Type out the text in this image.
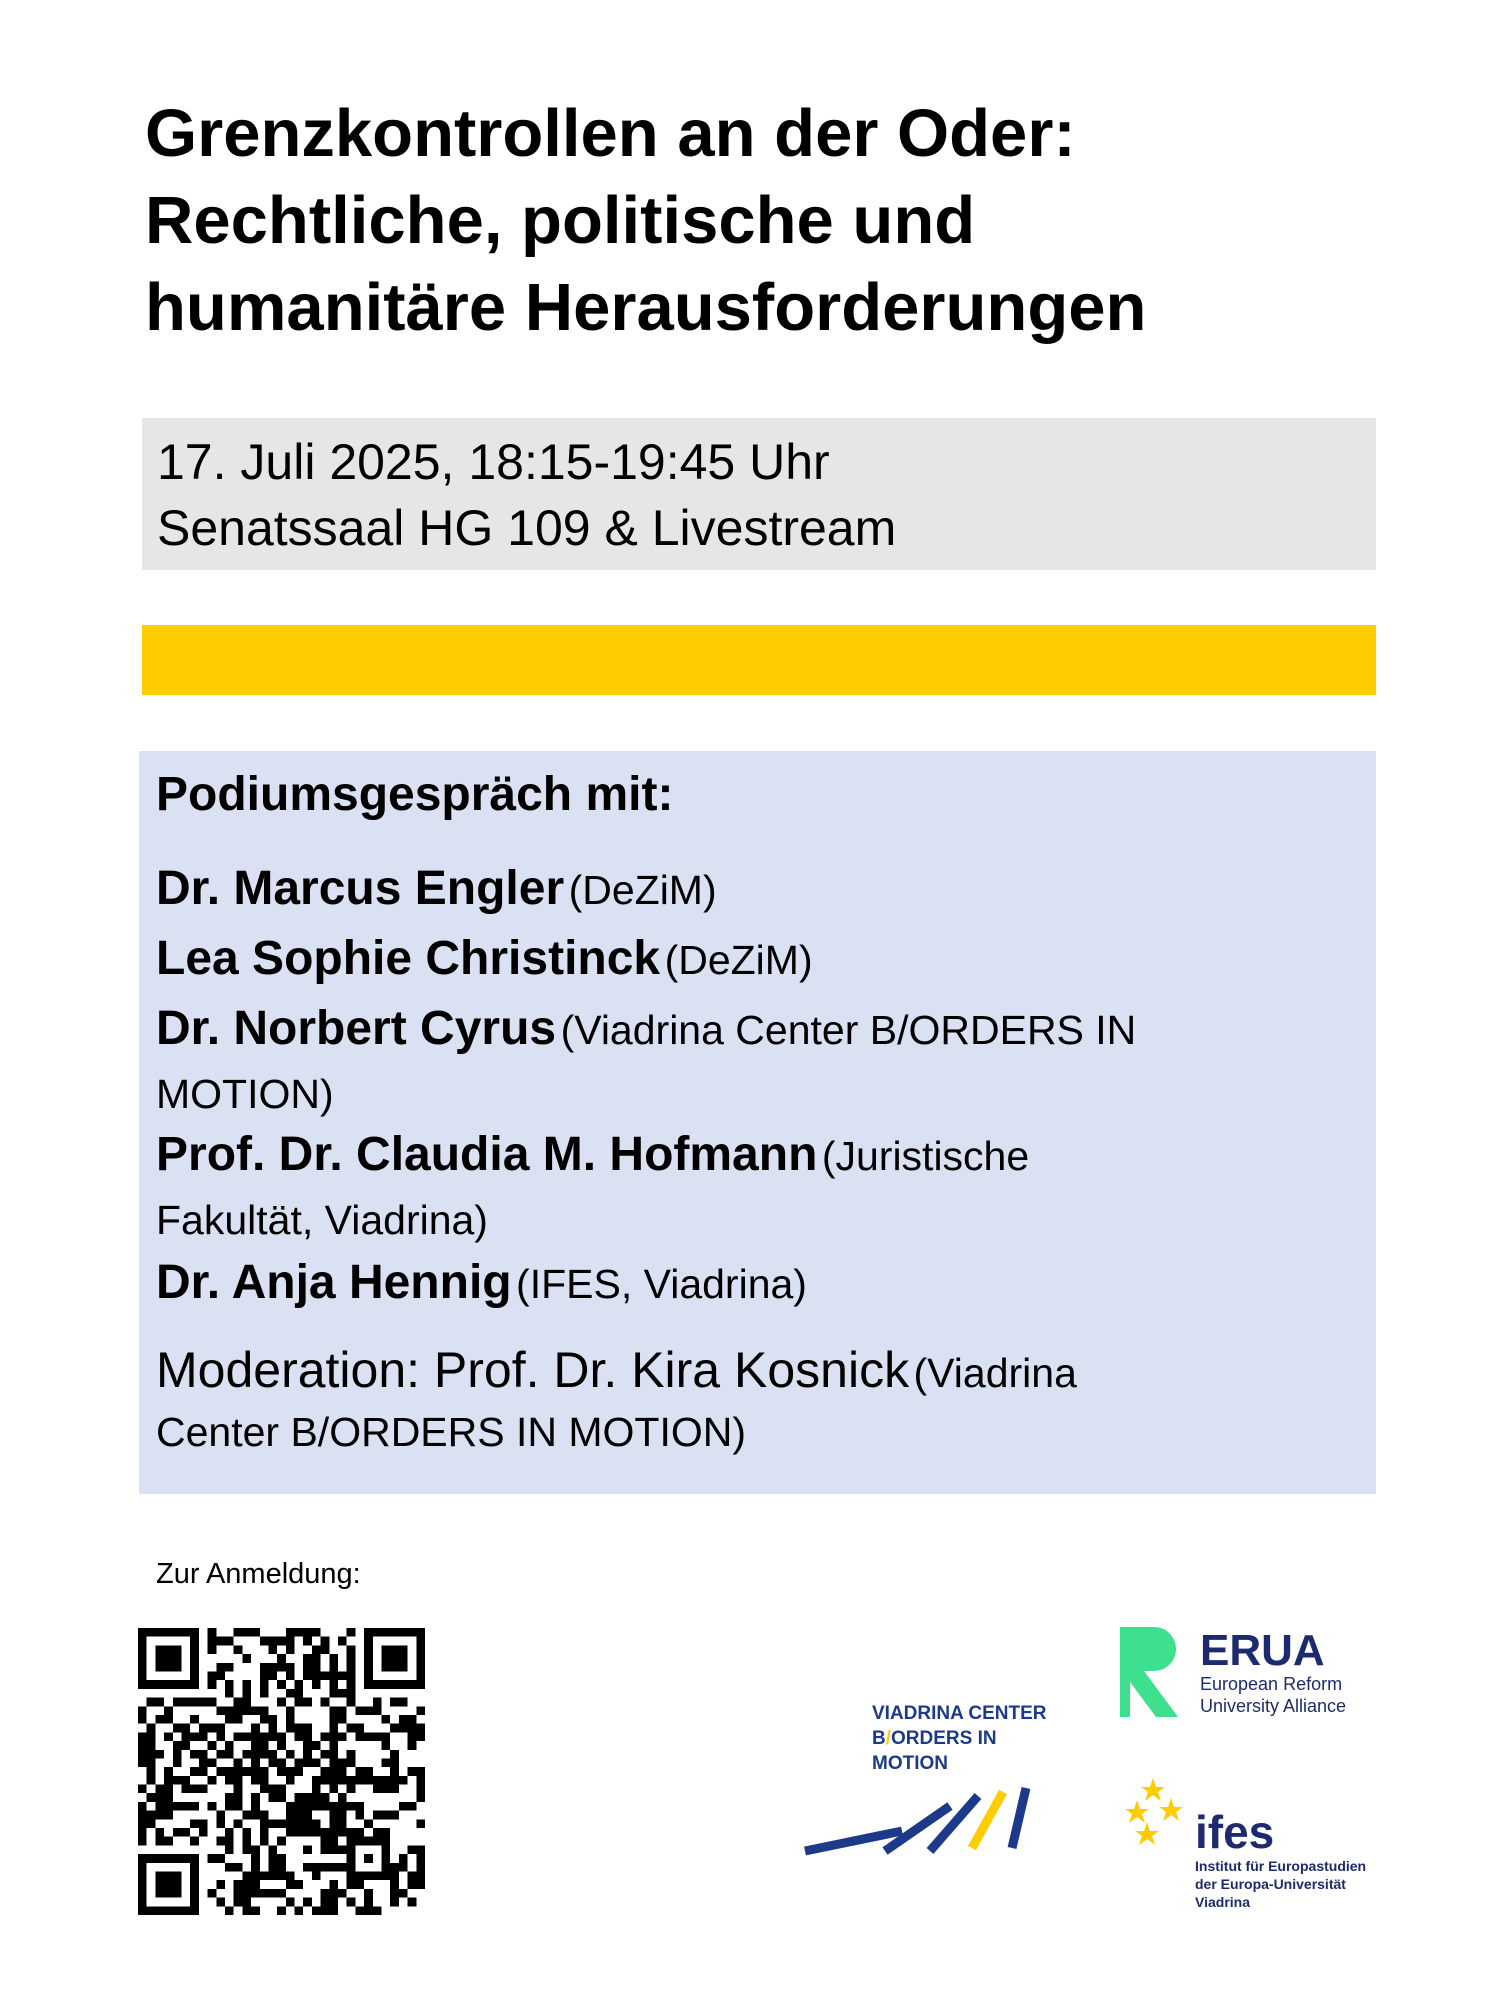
Grenzkontrollen an der Oder:
Rechtliche, politische und
humanitäre Herausforderungen
17. Juli 2025, 18:15-19:45 Uhr
Senatssaal HG 109 & Livestream
Podiumsgespräch mit:
Dr. Marcus Engler (DeZiM)
Lea Sophie Christinck (DeZiM)
Dr. Norbert Cyrus (Viadrina Center B/ORDERS IN
MOTION)
Prof. Dr. Claudia M. Hofmann (Juristische
Fakultät, Viadrina)
Dr. Anja Hennig (IFES, Viadrina)
Moderation: Prof. Dr. Kira Kosnick (Viadrina
Center B/ORDERS IN MOTION)
Zur Anmeldung:
VIADRINA CENTER
B/ORDERS IN
MOTION
ERUA
European Reform
University Alliance
ifes
Institut für Europastudien
der Europa-Universität
Viadrina
